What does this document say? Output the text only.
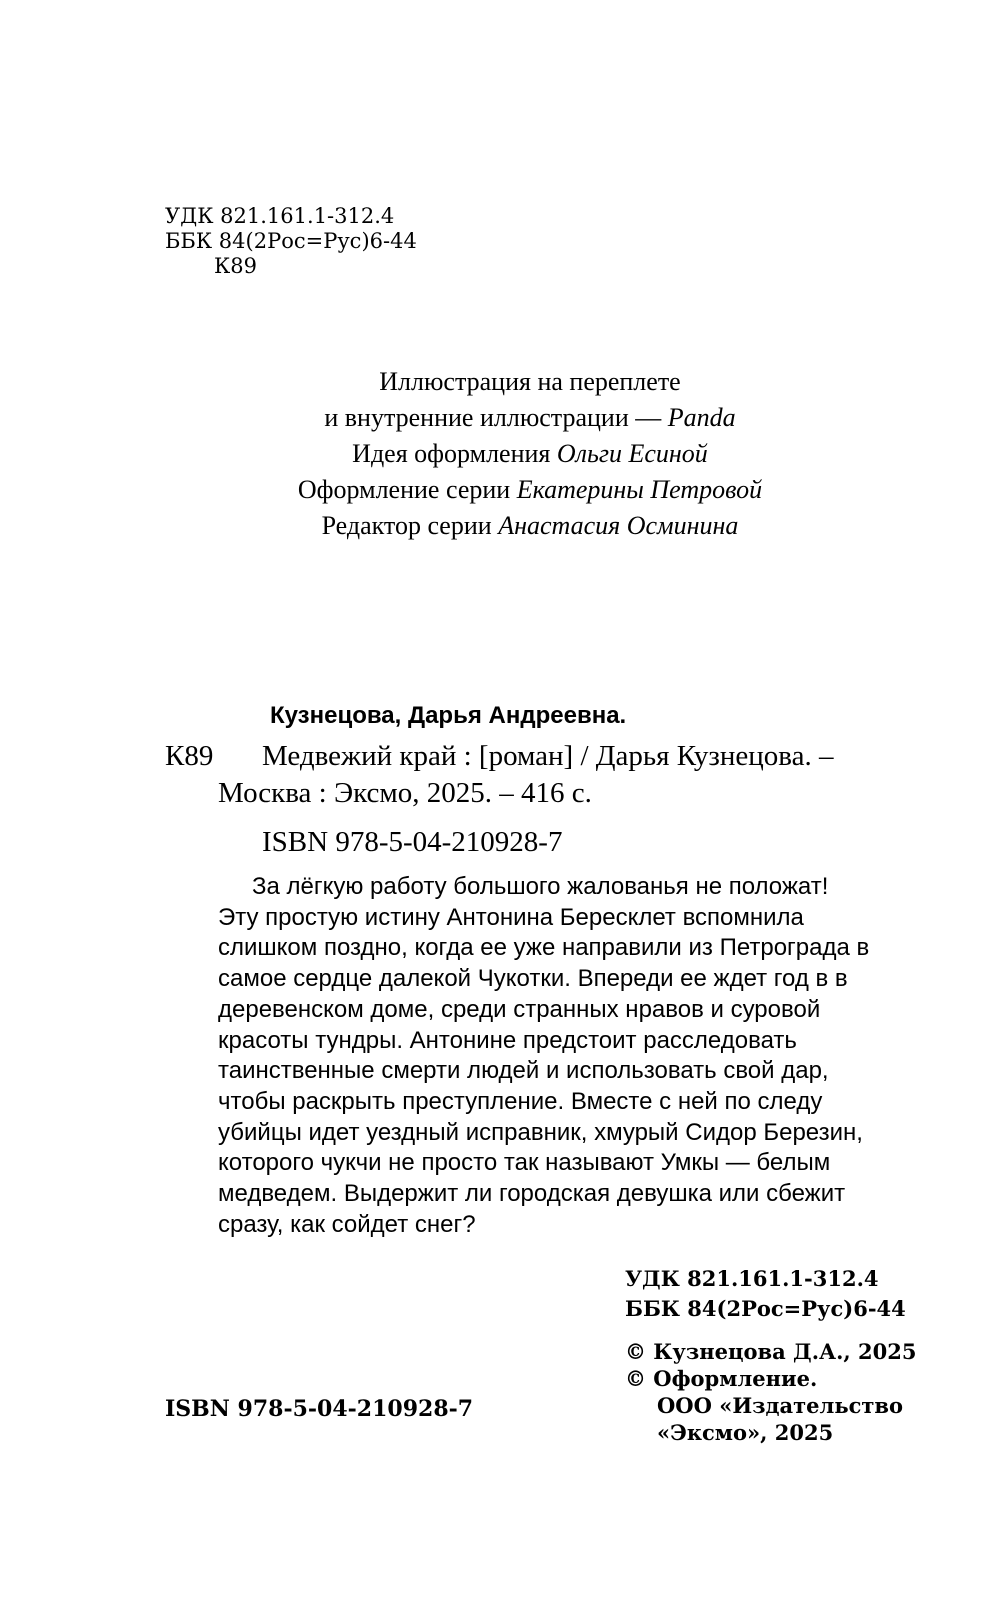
УДК 821.161.1-312.4
ББК 84(2Рос=Рус)6-44
К89
Иллюстрация на переплете
и внутренние иллюстрации — Panda
Идея оформления Ольги Есиной
Оформление серии Екатерины Петровой
Редактор серии Анастасия Осминина
Кузнецова, Дарья Андреевна.
К89 Медвежий край : [роман] / Дарья Кузнецова. –
Москва : Эксмо, 2025. – 416 с.
ISBN 978-5-04-210928-7
За лёгкую работу большого жалованья не положат! Эту простую истину Антонина Бересклет вспомнила слишком поздно, когда ее уже направили из Петрограда в самое сердце далекой Чукотки. Впереди ее ждет год в в деревенском доме, среди странных нравов и суровой красоты тундры. Антонине предстоит расследовать таинственные смерти людей и использовать свой дар, чтобы раскрыть преступление. Вместе с ней по следу убийцы идет уездный исправник, хмурый Сидор Березин, которого чукчи не просто так называют Умкы — белым медведем. Выдержит ли городская девушка или сбежит сразу, как сойдет снег?
УДК 821.161.1-312.4
ББК 84(2Рос=Рус)6-44
© Кузнецова Д.А., 2025
© Оформление.
ООО «Издательство
«Эксмо», 2025
ISBN 978-5-04-210928-7
